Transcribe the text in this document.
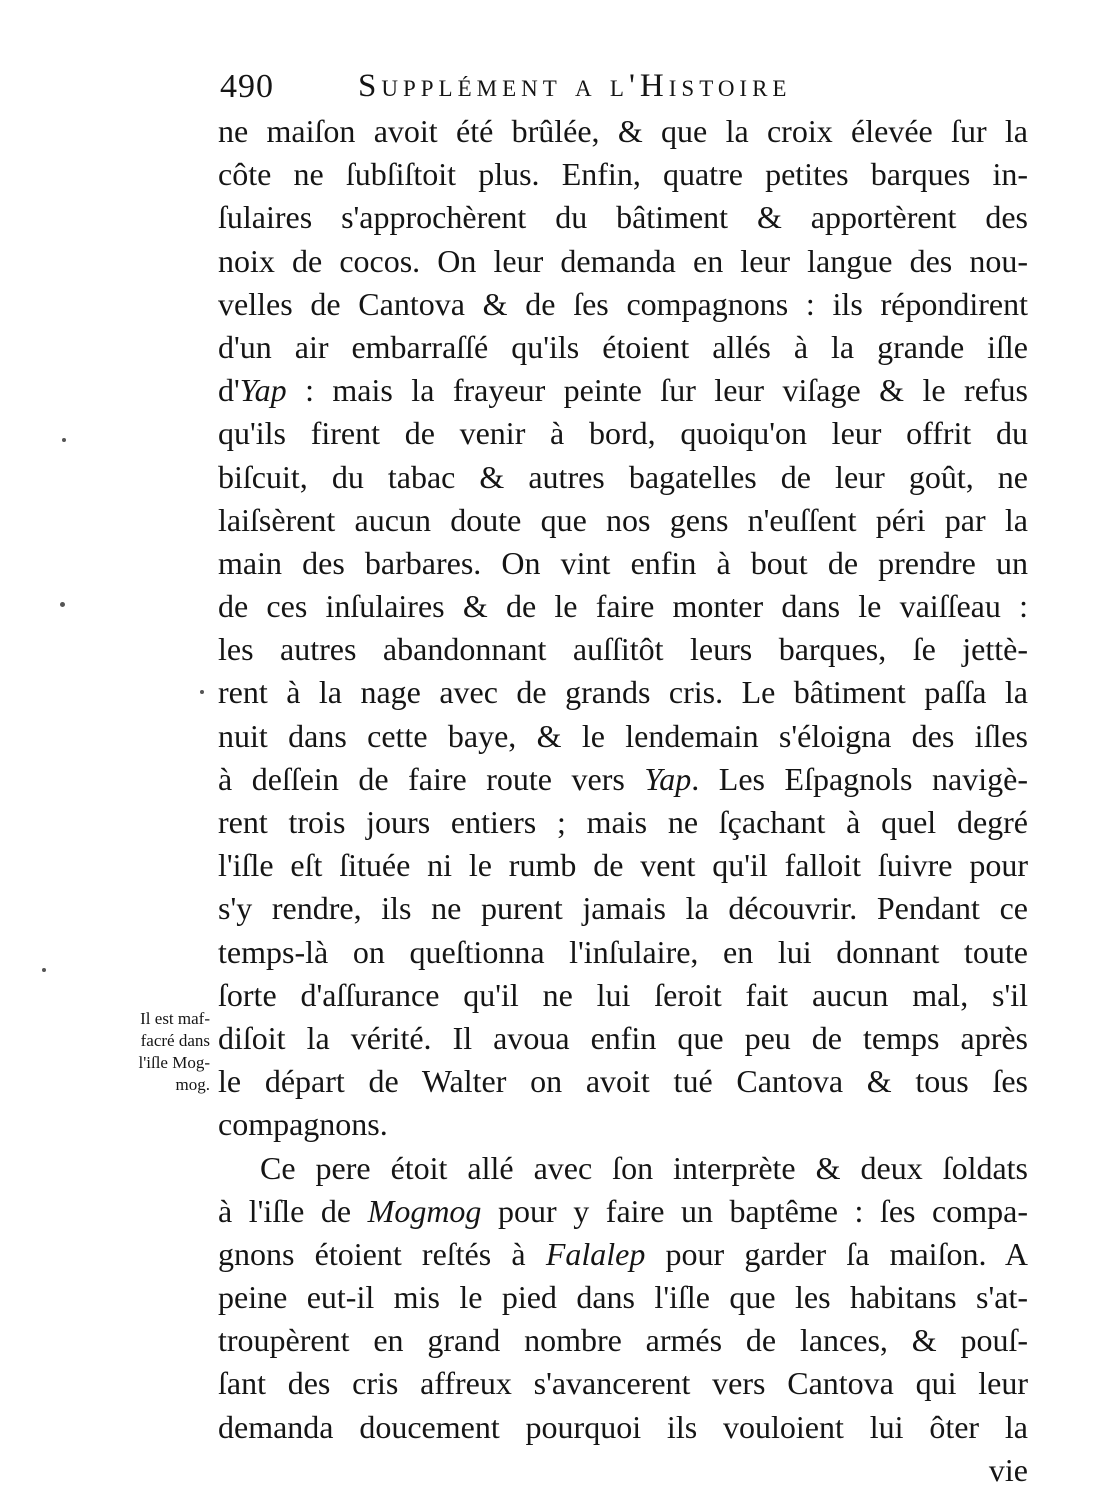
490	Supplément a l'Histoire
Il est maf-
facré dans
l'iſle Mog-
mog.
ne maiſon avoit été brûlée, & que la croix élevée ſur la
côte ne ſubſiſtoit plus. Enfin, quatre petites barques in-
ſulaires s'approchèrent du bâtiment & apportèrent des
noix de cocos. On leur demanda en leur langue des nou-
velles de Cantova & de ſes compagnons : ils répondirent
d'un air embarraſſé qu'ils étoient allés à la grande iſle
d'Yap : mais la frayeur peinte ſur leur viſage & le refus
qu'ils firent de venir à bord, quoiqu'on leur offrit du
biſcuit, du tabac & autres bagatelles de leur goût, ne
laiſsèrent aucun doute que nos gens n'euſſent péri par la
main des barbares. On vint enfin à bout de prendre un
de ces inſulaires & de le faire monter dans le vaiſſeau :
les autres abandonnant auſſitôt leurs barques, ſe jettè-
rent à la nage avec de grands cris. Le bâtiment paſſa la
nuit dans cette baye, & le lendemain s'éloigna des iſles
à deſſein de faire route vers Yap. Les Eſpagnols navigè-
rent trois jours entiers ; mais ne ſçachant à quel degré
l'iſle eſt ſituée ni le rumb de vent qu'il falloit ſuivre pour
s'y rendre, ils ne purent jamais la découvrir. Pendant ce
temps-là on queſtionna l'inſulaire, en lui donnant toute
ſorte d'aſſurance qu'il ne lui ſeroit fait aucun mal, s'il
diſoit la vérité. Il avoua enfin que peu de temps après
le départ de Walter on avoit tué Cantova & tous ſes
compagnons.
Ce pere étoit allé avec ſon interprète & deux ſoldats
à l'iſle de Mogmog pour y faire un baptême : ſes compa-
gnons étoient reſtés à Falalep pour garder ſa maiſon. A
peine eut-il mis le pied dans l'iſle que les habitans s'at-
troupèrent en grand nombre armés de lances, & pouſ-
ſant des cris affreux s'avancerent vers Cantova qui leur
demanda doucement pourquoi ils vouloient lui ôter la
vie
